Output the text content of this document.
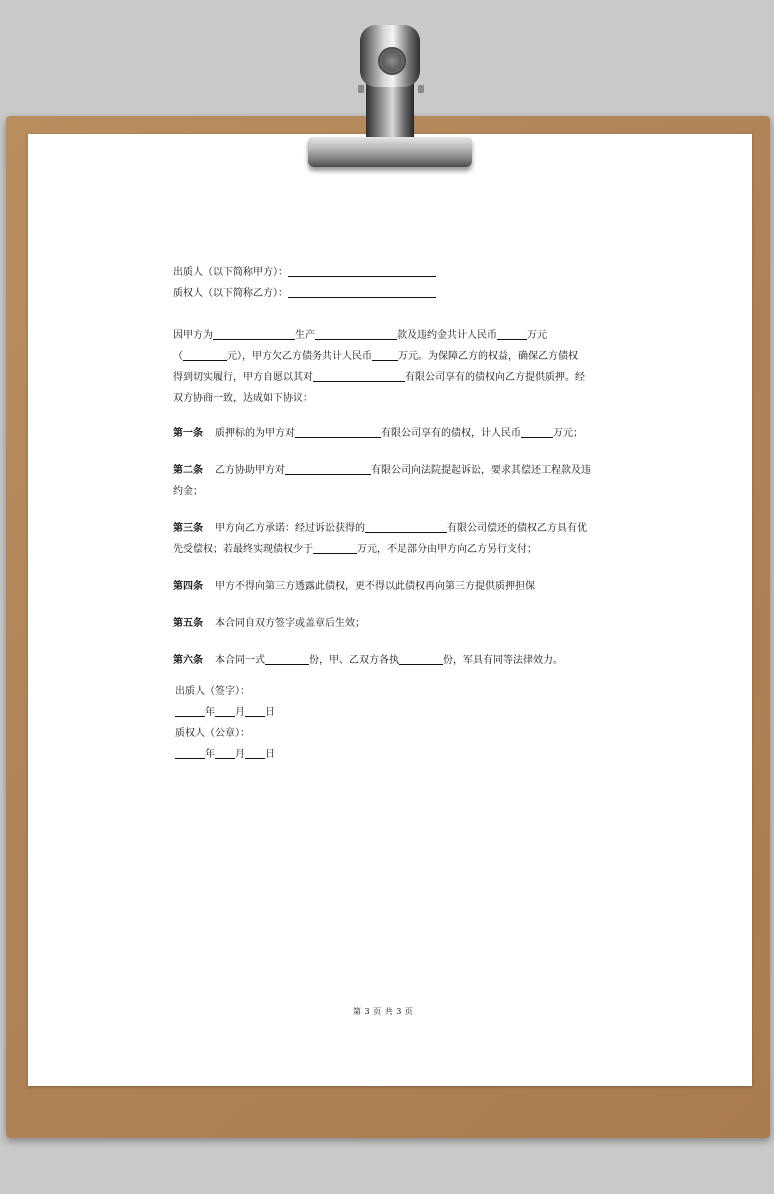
出质人（以下简称甲方）：

质权人（以下简称乙方）：

因甲方为	生产	款及违约金共计人民币	万元

（	元），甲方欠乙方债务共计人民币	万元。为保障乙方的权益，确保乙方债权

得到切实履行，甲方自愿以其对	有限公司享有的债权向乙方提供质押。经

双方协商一致，达成如下协议：

第一条 质押标的为甲方对	有限公司享有的债权，计人民币	万元；

第二条 乙方协助甲方对	有限公司向法院提起诉讼，要求其偿还工程款及违

约金；

第三条 甲方向乙方承诺：经过诉讼获得的	有限公司偿还的债权乙方具有优

先受偿权；若最终实现债权少于	万元，不足部分由甲方向乙方另行支付；

第四条 甲方不得向第三方透露此债权，更不得以此债权再向第三方提供质押担保

第五条 本合同自双方签字或盖章后生效；

第六条 本合同一式	份，甲、乙双方各执	份，军具有同等法律效力。

出质人（签字）：

年 月 日

质权人（公章）：

年 月 日

第 3 页 共 3 页
